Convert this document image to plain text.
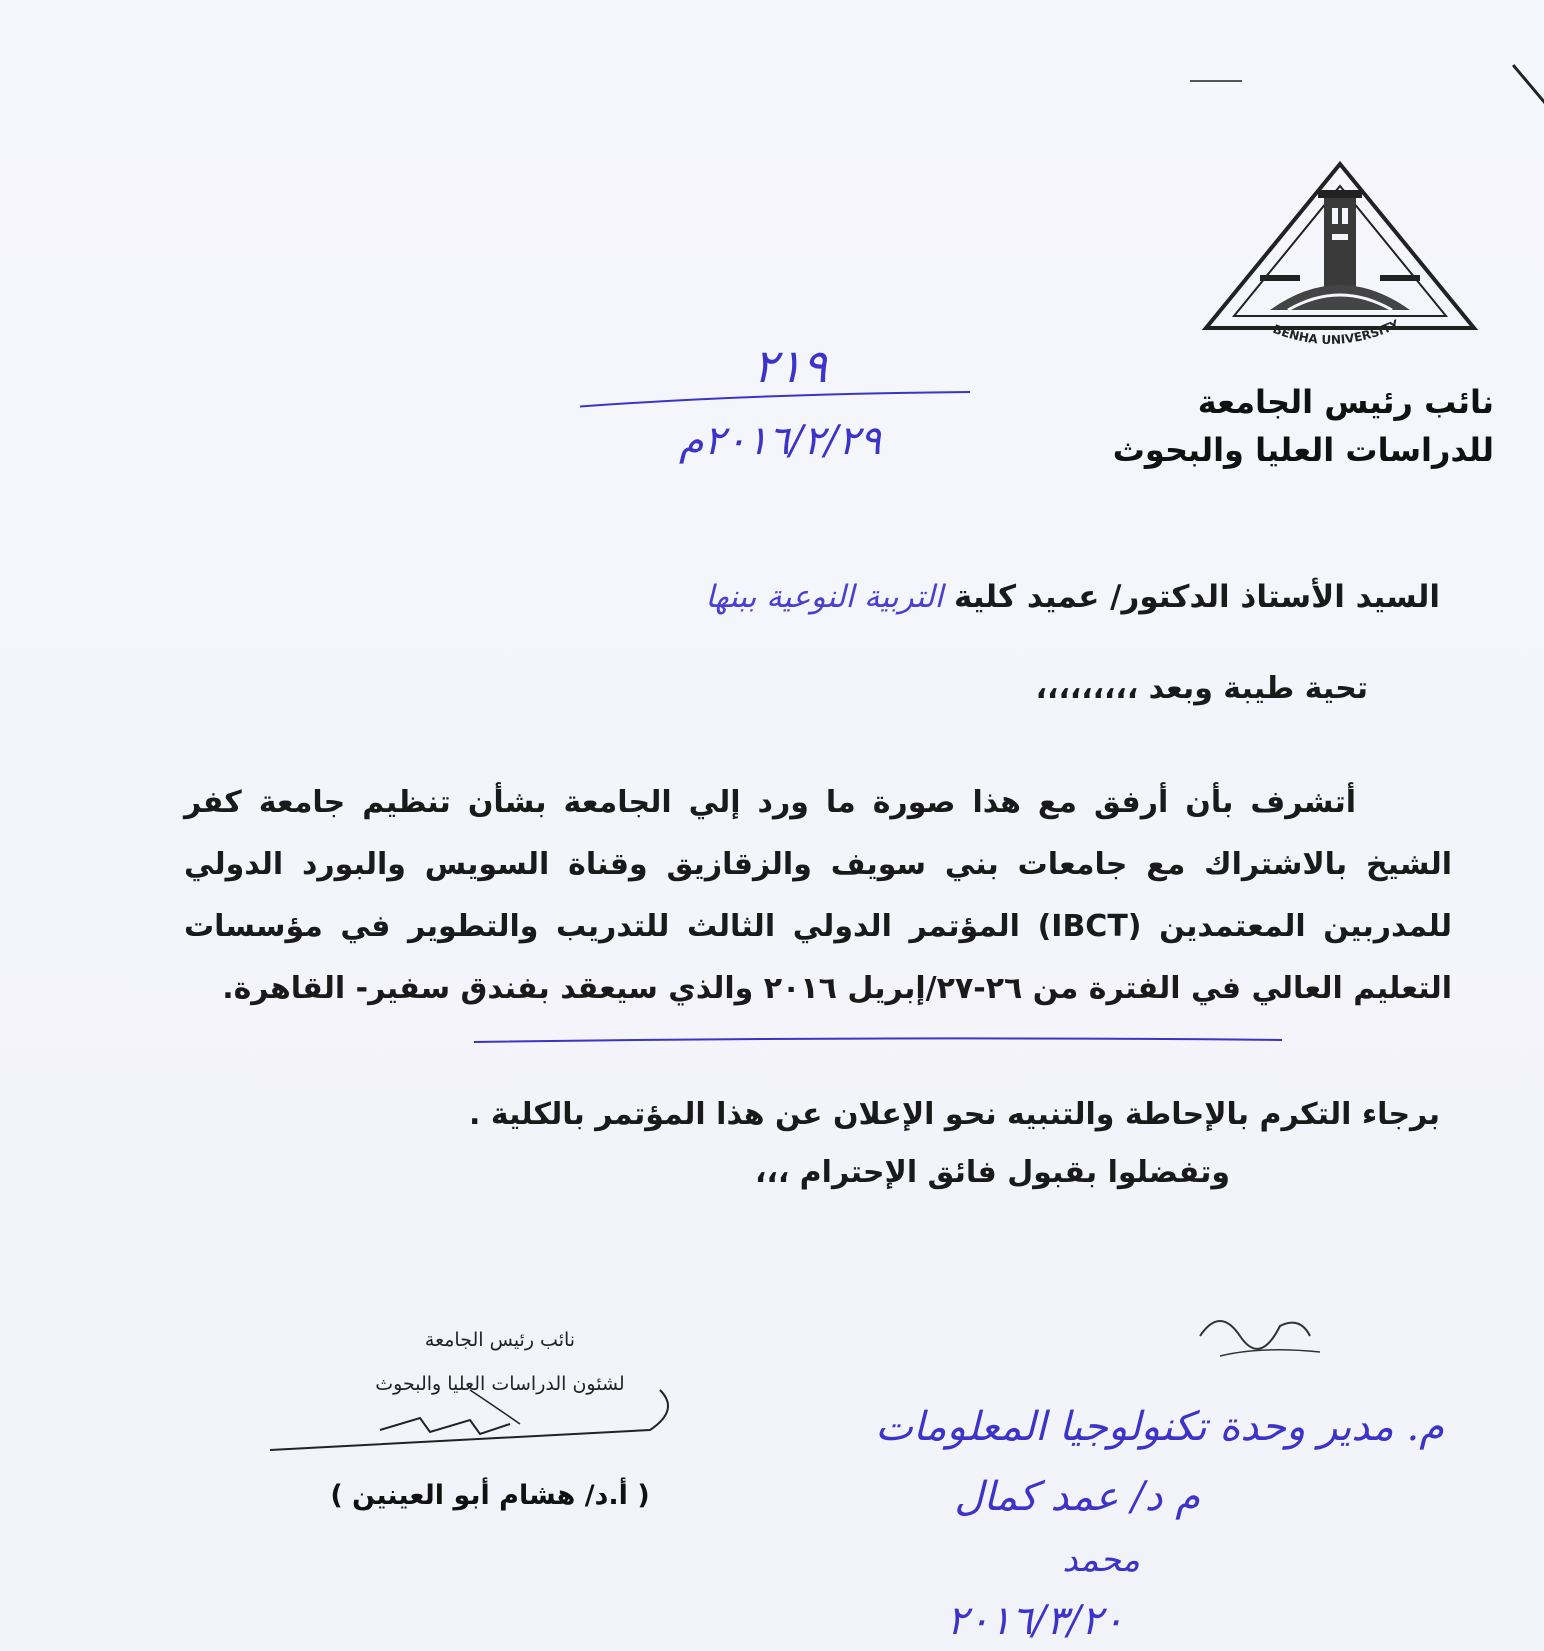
BENHA UNIVERSITY
نائب رئيس الجامعة
للدراسات العليا والبحوث
٢١٩
٢٠١٦/٢/٢٩م
السيد الأستاذ الدكتور/ عميد كلية التربية النوعية ببنها
تحية طيبة وبعد ،،،،،،،،،
أتشرف بأن أرفق مع هذا صورة ما ورد إلي الجامعة بشأن تنظيم جامعة كفر الشيخ بالاشتراك مع جامعات بني سويف والزقازيق وقناة السويس والبورد الدولي للمدربين المعتمدين (IBCT) المؤتمر الدولي الثالث للتدريب والتطوير في مؤسسات التعليم العالي في الفترة من ٢٦-٢٧/إبريل ٢٠١٦ والذي سيعقد بفندق سفير- القاهرة.
برجاء التكرم بالإحاطة والتنبيه نحو الإعلان عن هذا المؤتمر بالكلية .
وتفضلوا بقبول فائق الإحترام ،،،
نائب رئيس الجامعة
لشئون الدراسات العليا والبحوث
( أ.د/ هشام أبو العينين )
م. مدير وحدة تكنولوجيا المعلومات
م د/ عمد كمال
محمد
٢٠١٦/٣/٢٠
